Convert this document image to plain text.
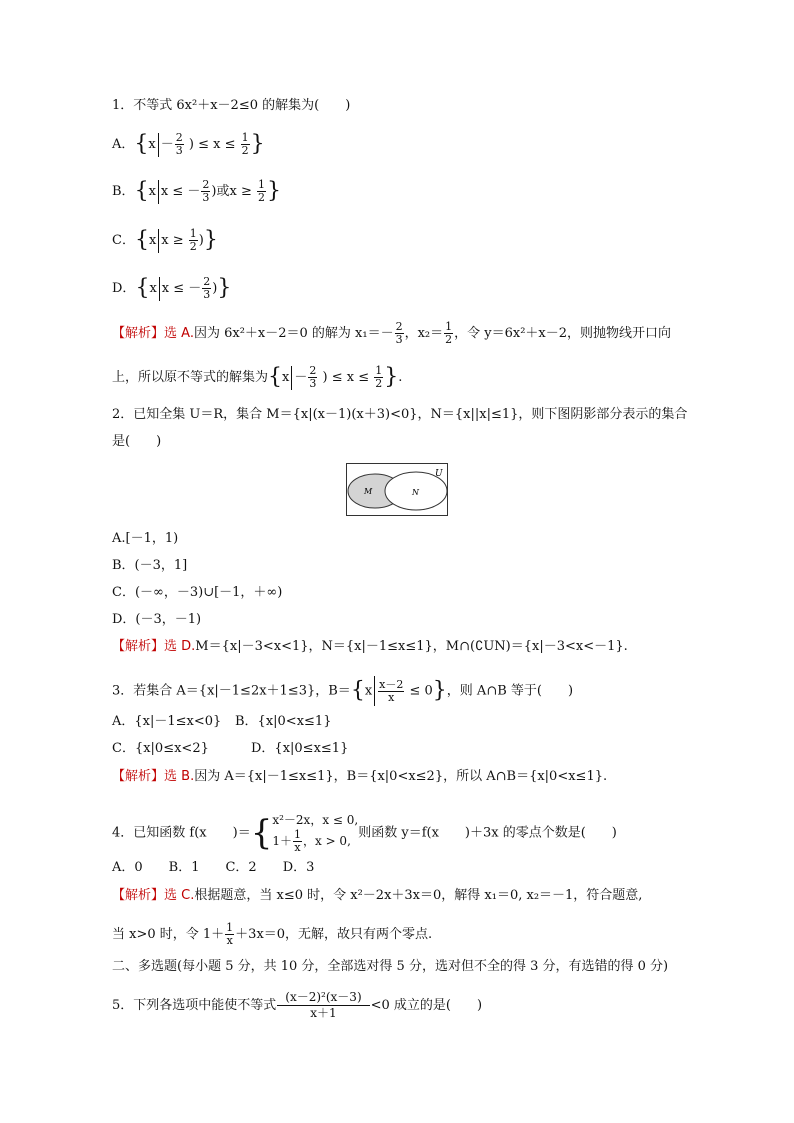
1．不等式 6x²＋x－2≤0 的解集为(　　)
A．{$x - \frac{2}{3}$ ) ≤ $x \le \frac{1}{2}$ }
B．{x x ≤ － $\frac{2}{3}$ )或$x \ge \frac{1}{2}$ }
C．{x $x \ge \frac{1}{2}$ )}
D．{x x ≤ － $\frac{2}{3}$ )}
【解析】选 A.因为 6x²＋x－2＝0 的解为 $x_1=- \frac{2}{3}$ ，$x_2= \frac{1}{2}$ ，令 y＝6x²＋x－2，则抛物线开口向
上，所以原不等式的解集为{$x - \frac{2}{3}$ ) ≤ $x \le \frac{1}{2}$ }.
2．已知全集 U＝R，集合 M＝{x|(x－1)(x＋3)<0}，N＝{x||x|≤1}，则下图阴影部分表示的集合
是(　　)
U
M	N
A.[－1，1)
B．(－3，1]
C．(－∞，－3)∪[－1，＋∞)
D．(－3，－1)
【解析】选 D.M＝{x|－3<x<1}，N＝{x|－1≤x≤1}，M∩(∁UN)＝{x|－3<x<－1}.
3．若集合 A＝{x|－1≤2x＋1≤3}，$B=\{x \frac{x-2}{x} \le 0\}$，则 A∩B 等于(　　)
A．{x|－1≤x<0} B．{x|0<x≤1}
C．{x|0≤x<2}	D．{x|0≤x≤1}
【解析】选 B.因为 A＝{x|－1≤x≤1}，B＝{x|0<x≤2}，所以 A∩B＝{x|0<x≤1}.
4．已知函数 f(x　　)＝{ x²－2x，x ≤ 0,
$1+ \frac{1}{x}$ ，x > 0,
则函数 y＝f(x　　)＋3x 的零点个数是(　　)
A．0　　B．1　　C．2　　D．3
【解析】选 C.根据题意，当 x≤0 时，令 x²－2x＋3x＝0，解得 x₁＝0, x₂＝－1，符合题意,
当 x>0 时，令 $1+ \frac{1}{x} +3x=0$，无解，故只有两个零点.
二、多选题(每小题 5 分，共 10 分，全部选对得 5 分，选对但不全的得 3 分，有选错的得 0 分)
5．下列各选项中能使不等式 $\frac{\text{(x－2)²(x－3)}}{x+1} <0$ 成立的是(　　)
